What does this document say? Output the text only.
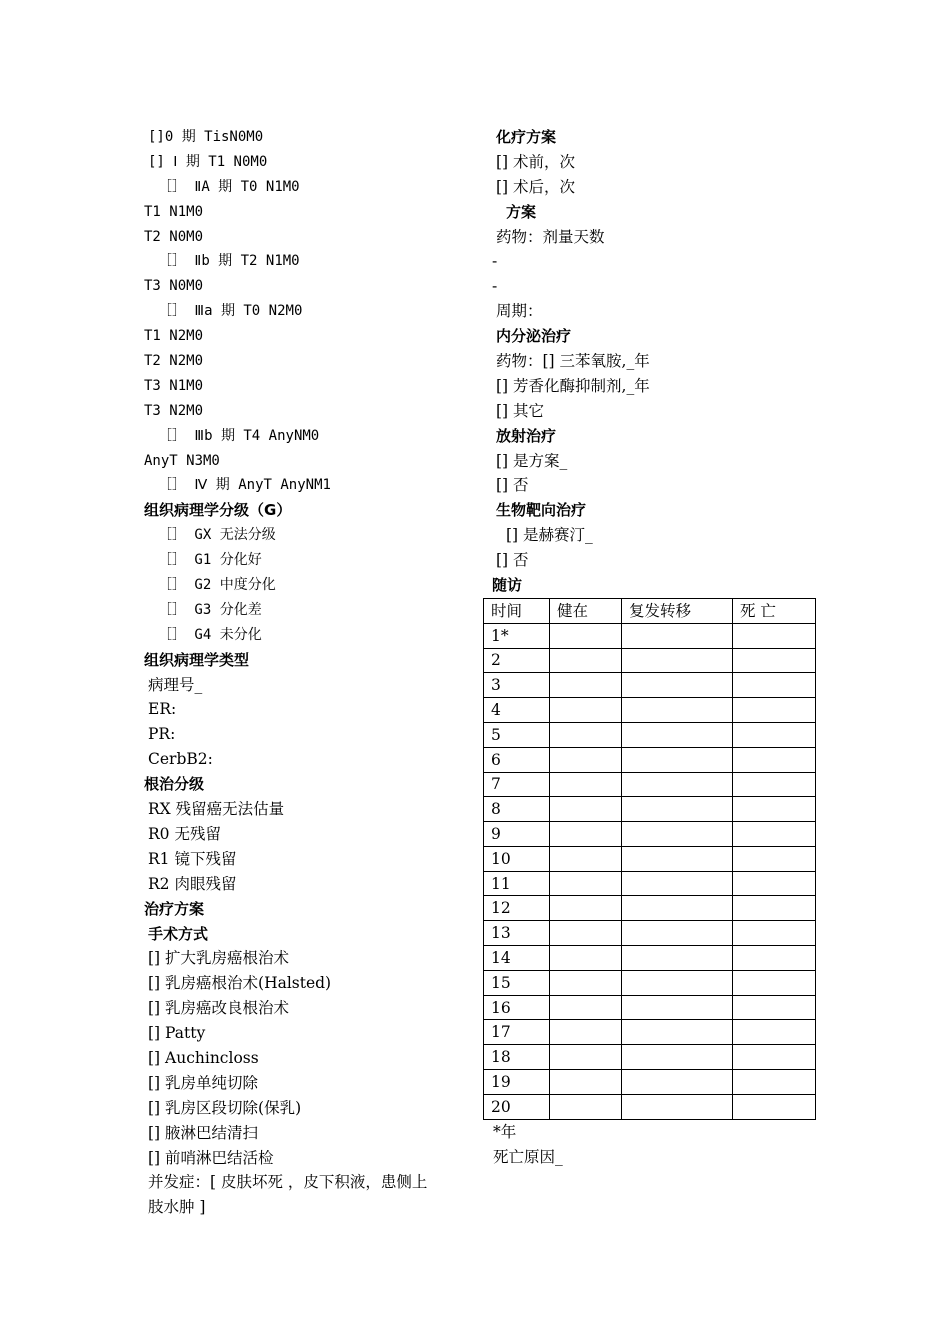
[]0 期 TisN0M0
[] Ⅰ 期 T1 N0M0
［］ ⅡA 期 T0 N1M0
T1 N1M0
T2 N0M0
［］ Ⅱb 期 T2 N1M0
T3 N0M0
［］ Ⅲa 期 T0 N2M0
T1 N2M0
T2 N2M0
T3 N1M0
T3 N2M0
［］ Ⅲb 期 T4 AnyNM0
AnyT N3M0
［］ Ⅳ 期 AnyT AnyNM1
组织病理学分级（G）
［］ GX 无法分级
［］ G1 分化好
［］ G2 中度分化
［］ G3 分化差
［］ G4 未分化
组织病理学类型
病理号_
ER:
PR:
CerbB2:
根治分级
RX 残留癌无法估量
R0 无残留
R1 镜下残留
R2 肉眼残留
治疗方案
手术方式
[] 扩大乳房癌根治术
[] 乳房癌根治术(Halsted)
[] 乳房癌改良根治术
[] Patty
[] Auchincloss
[] 乳房单纯切除
[] 乳房区段切除(保乳)
[] 腋淋巴结清扫
[] 前哨淋巴结活检
并发症：[ 皮肤坏死 ，皮下积液，患侧上肢水肿 ]
化疗方案
[] 术前，次
[] 术后，次
方案
药物：剂量天数
-
-
周期：
内分泌治疗
药物：[] 三苯氧胺,_年
[] 芳香化酶抑制剂,_年
[] 其它
放射治疗
[] 是方案_
[] 否
生物靶向治疗
[] 是赫赛汀_
[] 否
随访
时间	健在	复发转移	死 亡
1*			
2			
3			
4			
5			
6			
7			
8			
9			
10			
11			
12			
13			
14			
15			
16			
17			
18			
19			
20			
*年
死亡原因_
